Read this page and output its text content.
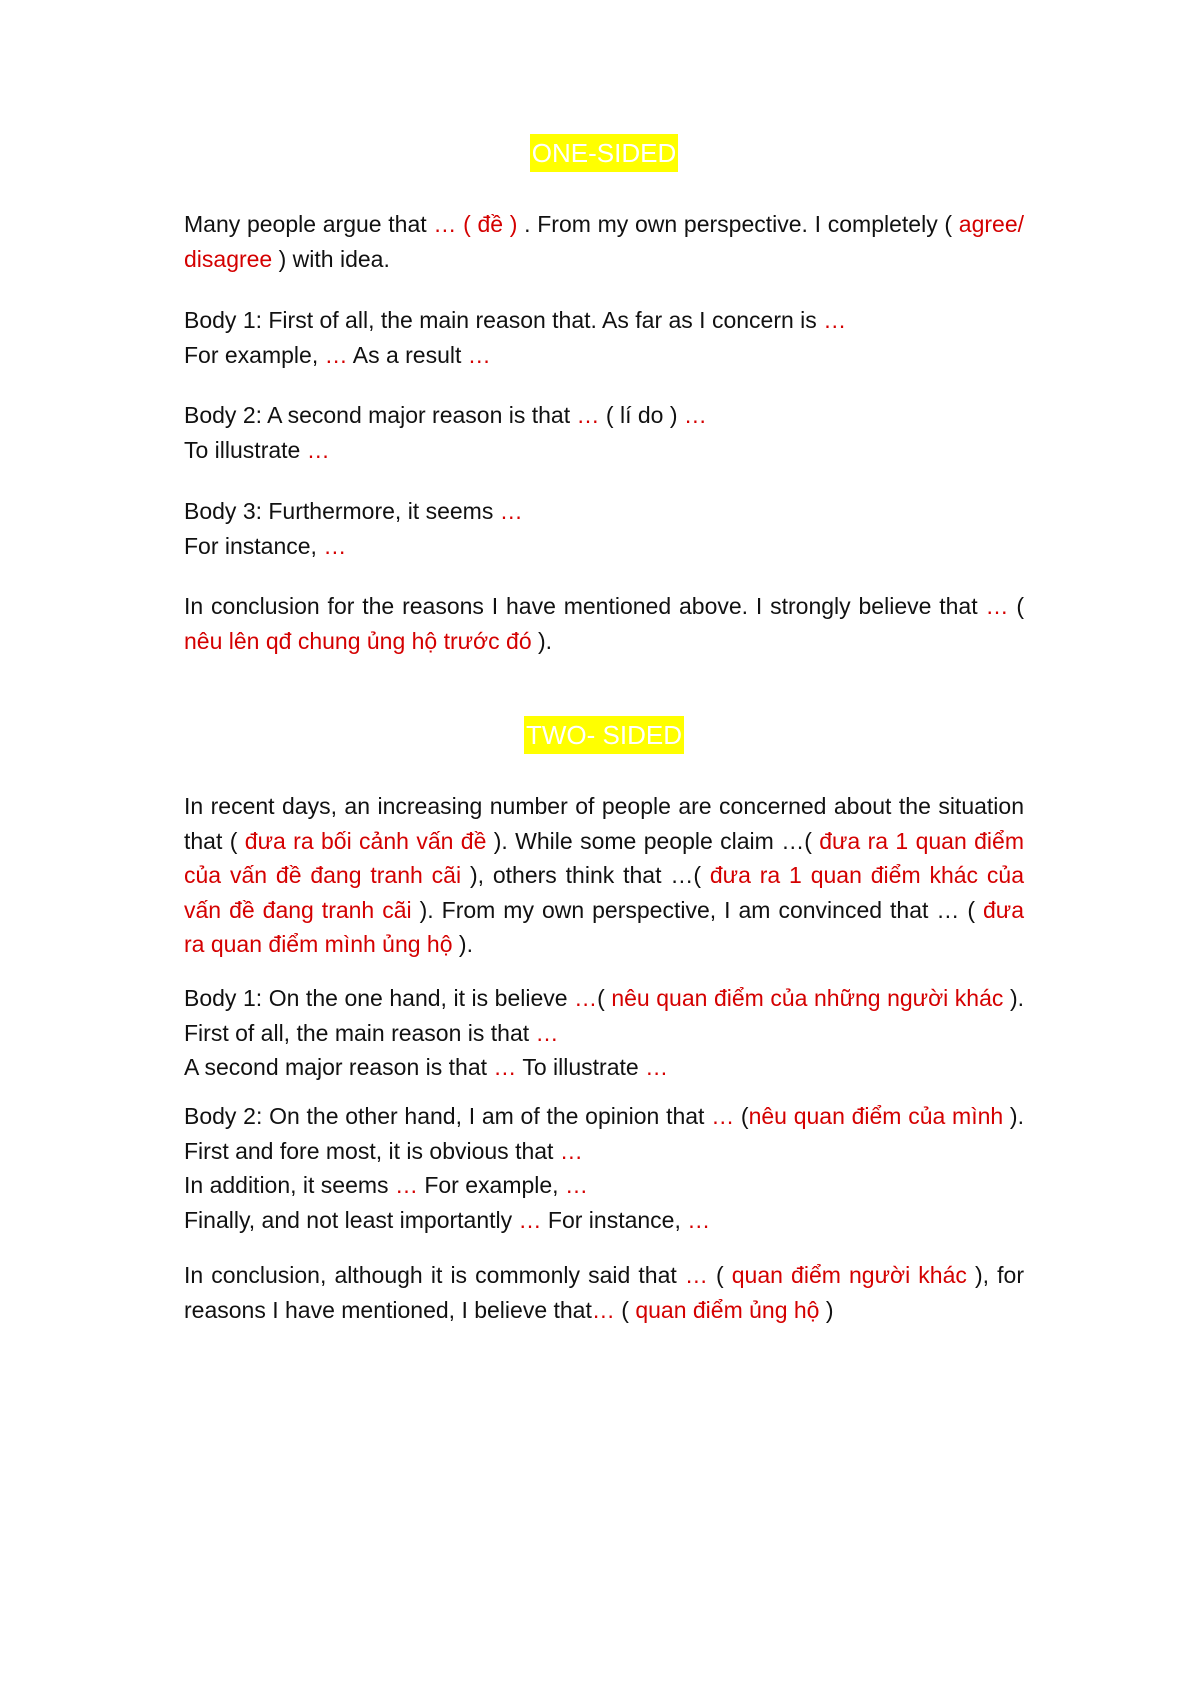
ONE-SIDED

Many people argue that … ( đề ) . From my own perspective. I completely ( agree/ disagree ) with idea.

Body 1: First of all, the main reason that. As far as I concern is …

For example, … As a result …

Body 2: A second major reason is that … ( lí do ) …

To illustrate …

Body 3: Furthermore, it seems …

For instance, …

In conclusion for the reasons I have mentioned above. I strongly believe that … ( nêu lên qđ chung ủng hộ trước đó ).

TWO- SIDED

In recent days, an increasing number of people are concerned about the situation that ( đưa ra bối cảnh vấn đề ). While some people claim …( đưa ra 1 quan điểm của vấn đề đang tranh cãi ), others think that …( đưa ra 1 quan điểm khác của vấn đề đang tranh cãi ). From my own perspective, I am convinced that … ( đưa ra quan điểm mình ủng hộ ).

Body 1: On the one hand, it is believe …( nêu quan điểm của những người khác ). First of all, the main reason is that …

A second major reason is that … To illustrate …

Body 2: On the other hand, I am of the opinion that … (nêu quan điểm của mình ). First and fore most, it is obvious that …

In addition, it seems … For example, …

Finally, and not least importantly … For instance, …

In conclusion, although it is commonly said that … ( quan điểm người khác ), for reasons I have mentioned, I believe that… ( quan điểm ủng hộ )
